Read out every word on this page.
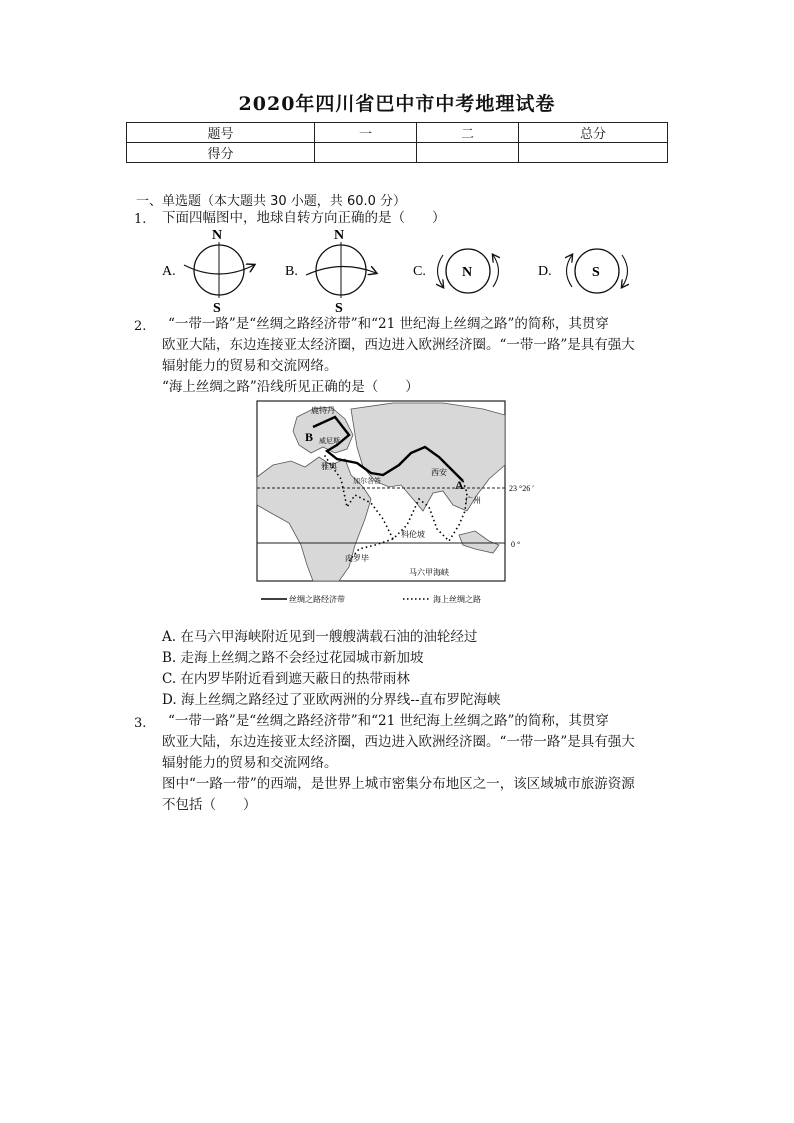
2020年四川省巴中市中考地理试卷
题号	一	二	总分
得分			
一、单选题（本大题共 30 小题，共 60.0 分）
1. 下面四幅图中，地球自转方向正确的是（　　）
A.
N
S
B.
N
S
C.	N	D.	S
2.	“一带一路”是“丝绸之路经济带”和“21 世纪海上丝绸之路”的简称，其贯穿
欧亚大陆，东边连接亚太经济圈，西边进入欧洲经济圈。“一带一路”是具有强大
辐射能力的贸易和交流网络。
“海上丝绸之路”沿线所见正确的是（　　）
鹿特丹
B 威尼斯
雅典
西安
A
广州
加尔各答
科伦坡
内罗毕
马六甲海峡
23 °26 ′
0 °
丝绸之路经济带	海上丝绸之路
A. 在马六甲海峡附近见到一艘艘满载石油的油轮经过
B. 走海上丝绸之路不会经过花园城市新加坡
C. 在内罗毕附近看到遮天蔽日的热带雨林
D. 海上丝绸之路经过了亚欧两洲的分界线--直布罗陀海峡
3.	“一带一路”是“丝绸之路经济带”和“21 世纪海上丝绸之路”的简称，其贯穿
欧亚大陆，东边连接亚太经济圈，西边进入欧洲经济圈。“一带一路”是具有强大
辐射能力的贸易和交流网络。
图中“一路一带”的西端，是世界上城市密集分布地区之一，该区域城市旅游资源
不包括（　　）
